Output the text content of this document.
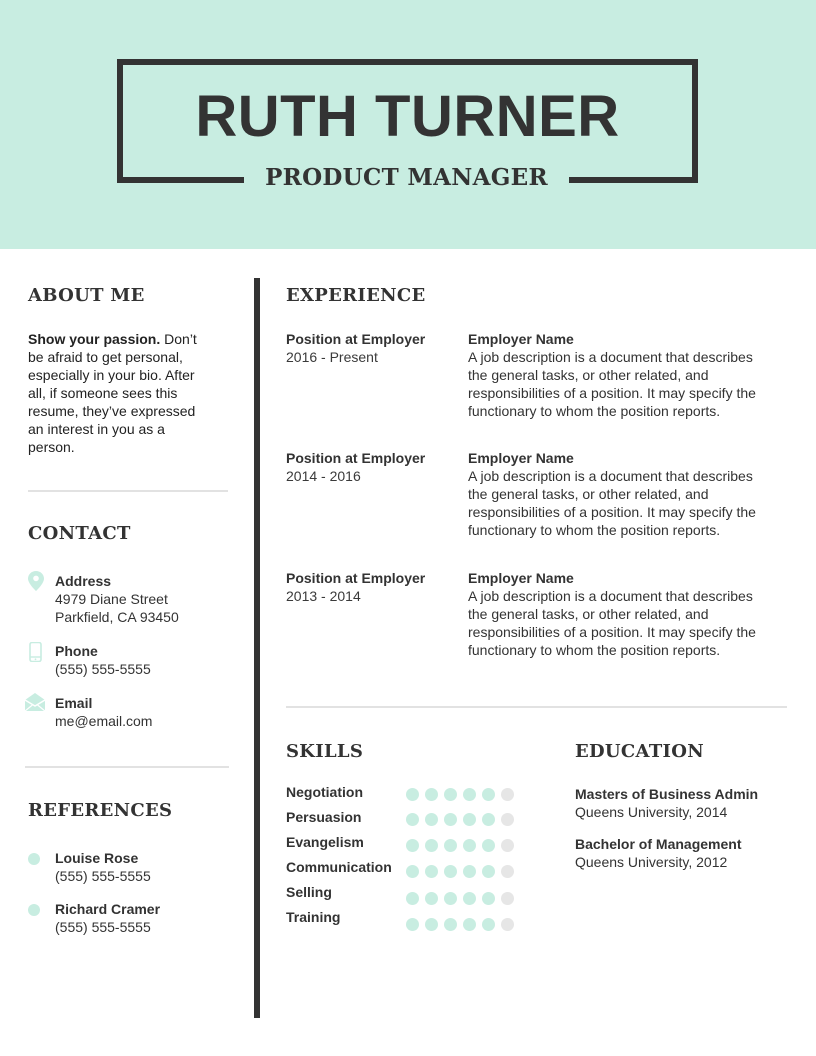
RUTH TURNER
PRODUCT MANAGER
ABOUT ME
Show your passion. Don’t be afraid to get personal, especially in your bio. After all, if someone sees this resume, they’ve expressed an interest in you as a person.
CONTACT
Address
4979 Diane Street
Parkfield, CA 93450
Phone
(555) 555-5555
Email
me@email.com
REFERENCES
Louise Rose
(555) 555-5555
Richard Cramer
(555) 555-5555
EXPERIENCE
Position at Employer
2016 - Present
Employer Name
A job description is a document that describes the general tasks, or other related, and responsibilities of a position. It may specify the functionary to whom the position reports.
Position at Employer
2014 - 2016
Employer Name
A job description is a document that describes the general tasks, or other related, and responsibilities of a position. It may specify the functionary to whom the position reports.
Position at Employer
2013 - 2014
Employer Name
A job description is a document that describes the general tasks, or other related, and responsibilities of a position. It may specify the functionary to whom the position reports.
SKILLS
Negotiation
Persuasion
Evangelism
Communication
Selling
Training
EDUCATION
Masters of Business Admin
Queens University, 2014
Bachelor of Management
Queens University, 2012
